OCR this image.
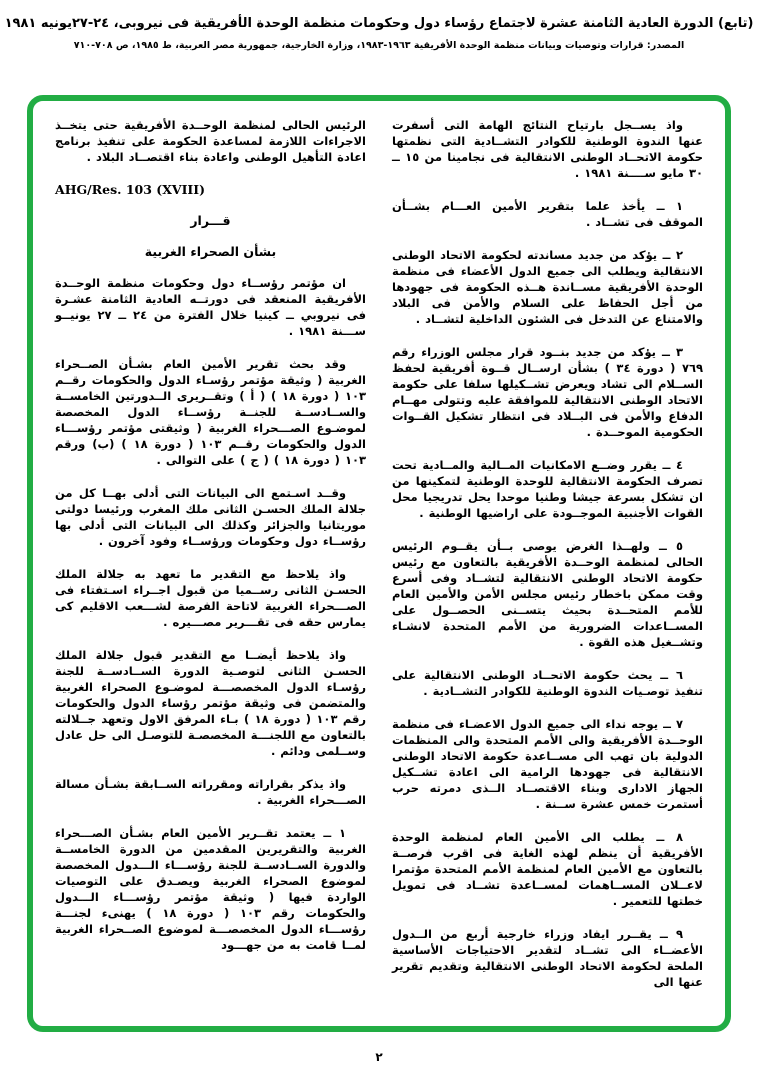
(تابع) الدورة العادية الثامنة عشرة لاجتماع رؤساء دول وحكومات منظمة الوحدة الأفريقية فى نيروبى، ٢٤-٢٧يونيه ١٩٨١
المصدر: قرارات وتوصيات وبيانات منظمة الوحدة الأفريقية ١٩٦٣-١٩٨٣، وزارة الخارجية، جمهورية مصر العربية، ط ١٩٨٥، ص ٧٠٨-٧١٠

واذ يســجل بارتياح النتائج الهامة التى أسفرت عنها الندوة الوطنية للكوادر التشــادية التى نظمتها حكومة الاتحــاد الوطنى الانتقالية فى نجامينا من ١٥ ــ ٣٠ مايو ســــنة ١٩٨١ .

١ ــ يأخذ علما بتقرير الأمين العـــام بشــأن الموقف فى تشــاد .

٢ ــ يؤكد من جديد مساندته لحكومة الاتحاد الوطنى الانتقالية ويطلب الى جميع الدول الأعضاء فى منظمة الوحدة الأفريقية مســاندة هــذه الحكومة فى جهودها من أجل الحفاظ على السلام والأمن فى البلاد والامتناع عن التدخل فى الشئون الداخلية لتشــاد .

٣ ــ يؤكد من جديد بنــود قرار مجلس الوزراء رقم ٧٦٩ ( دورة ٣٤ ) بشأن ارســال قــوة أفريقية لحفظ الســلام الى تشاد ويعرض تشــكيلها سلفا على حكومة الاتحاد الوطنى الانتقالية للموافقة عليه وتتولى مهــام الدفاع والأمن فى البــلاد فى انتظار تشكيل القــوات الحكومية الموحــدة .

٤ ــ يقرر وضــع الامكانيات المــالية والمــادية تحت تصرف الحكومة الانتقالية للوحدة الوطنية لتمكينها من ان تشكل بسرعة جيشا وطنيا موحدا يحل تدريجيا محل القوات الأجنبية الموجــودة على اراضيها الوطنية .

٥ ــ ولهــذا الغرض يوصى بــأن يقــوم الرئيس الحالى لمنظمة الوحــدة الأفريقية بالتعاون مع رئيس حكومة الاتحاد الوطنى الانتقالية لتشــاد وفى أسرع وقت ممكن باخطار رئيس مجلس الأمن والأمين العام للأمم المتحــدة بحيث يتســنى الحصــول على المســاعدات الضرورية من الأمم المتحدة لانشـاء وتشــغيل هذه القوة .

٦ ــ يحث حكومة الاتحــاد الوطنى الانتقالية على تنفيذ توصـيات الندوة الوطنية للكوادر التشــادية .

٧ ــ يوجه نداء الى جميع الدول الاعضـاء فى منظمة الوحــدة الأفريقية والى الأمم المتحدة والى المنظمات الدولية بان تهب الى مســاعدة حكومة الاتحاد الوطنى الانتقالية فى جهودها الرامية الى اعادة تشــكيل الجهاز الادارى وبناء الاقتصــاد الــذى دمرته حرب أستمرت خمس عشرة ســنة .

٨ ــ يطلب الى الأمين العام لمنظمة الوحدة الأفريقية أن ينظم لهذه الغاية فى اقرب فرصــة بالتعاون مع الأمين العام لمنظمة الأمم المتحدة مؤتمرا لاعــلان المســاهمات لمســاعدة تشــاد فى تمويل خطتها للتعمير .

٩ ــ يقــرر ايفاد وزراء خارجية أربع من الــدول الأعضــاء الى تشــاد لتقدير الاحتياجات الأساسية الملحة لحكومة الاتحاد الوطنى الانتقالية وتقديم تقرير عنها الى

الرئيس الحالى لمنظمة الوحــدة الأفريقية حتى يتخــذ الاجراءات اللازمة لمساعدة الحكومة على تنفيذ برنامج اعادة التأهيل الوطنى واعادة بناء اقتصــاد البلاد .

AHG/Res. 103 (XVIII)

قـــرار

بشأن الصحراء الغربية

ان مؤتمر رؤســاء دول وحكومات منظمة الوحــدة الأفريقية المنعقد فى دورتــه العادية الثامنة عشـرة فى نيروبي ــ كينيا خلال الفترة من ٢٤ ــ ٢٧ يونيــو ســـنة ١٩٨١ .

وقد بحث تقرير الأمين العام بشـأن الصــحراء الغربية ( وثيقة مؤتمر رؤسـاء الدول والحكومات رقــم ١٠٣ ( دورة ١٨ ) ( أ ) وتقــريرى الــدورتين الخامســة والســادســة للجنــة رؤســاء الدول المخصصة لموضـوع الصـــحراء الغربية ( وثيقتى مؤتمر رؤســـاء الدول والحكومات رقــم ١٠٣ ( دورة ١٨ ) (ب) ورقم ١٠٣ ( دورة ١٨ ) ( ج ) على التوالى .

وقــد اسـتمع الى البيانات التى أدلى بهــا كل من جلالة الملك الحسـن الثانى ملك المغرب ورئيسا دولتى موريتانيا والجزائر وكذلك الى البيانات التى أدلى بها رؤســاء دول وحكومات ورؤســاء وفود آخرون .

واذ يلاحظ مع التقدير ما تعهد به جلالة الملك الحسـن الثانى رســميا من قبول اجــراء اسـتفتاء فى الصـــحراء الغربية لاتاحة الفرصة لشـــعب الاقليم كى يمارس حقه فى تقـــرير مصـــيره .

واذ يلاحظ أيضــا مع التقدير قبول جلالة الملك الحسـن الثانى لتوصـية الدورة الســادســة للجنة رؤسـاء الدول المخصصـــة لموضـوع الصحراء الغربية والمتضمن فى وثيقة مؤتمر رؤساء الدول والحكومات رقم ١٠٣ ( دورة ١٨ ) بـاء المرفق الاول وتعهد جــلالته بالتعاون مع اللجنـــة المخصصـة للتوصـل الى حل عادل وســلمى ودائم .

واذ يذكر بقراراته ومقرراته الســابقة بشـأن مسالة الصـــحراء الغربية .

١ ــ يعتمد تقــرير الأمين العام بشـأن الصـــحراء الغربية والتقريرين المقدمين من الدورة الخامســة والدورة الســادســة للجنة رؤســـاء الـــدول المخصصة لموضوع الصحراء الغربية ويصـدق على التوصيات الواردة فيها ( وثيقة مؤتمر رؤســـاء الـــدول والحكومات رقم ١٠٣ ( دورة ١٨ ) يهنىء لجنـــة رؤســـاء الدول المخصصـــة لموضوع الصــحراء الغربية لمــا قامت به من جهـــود

٢
